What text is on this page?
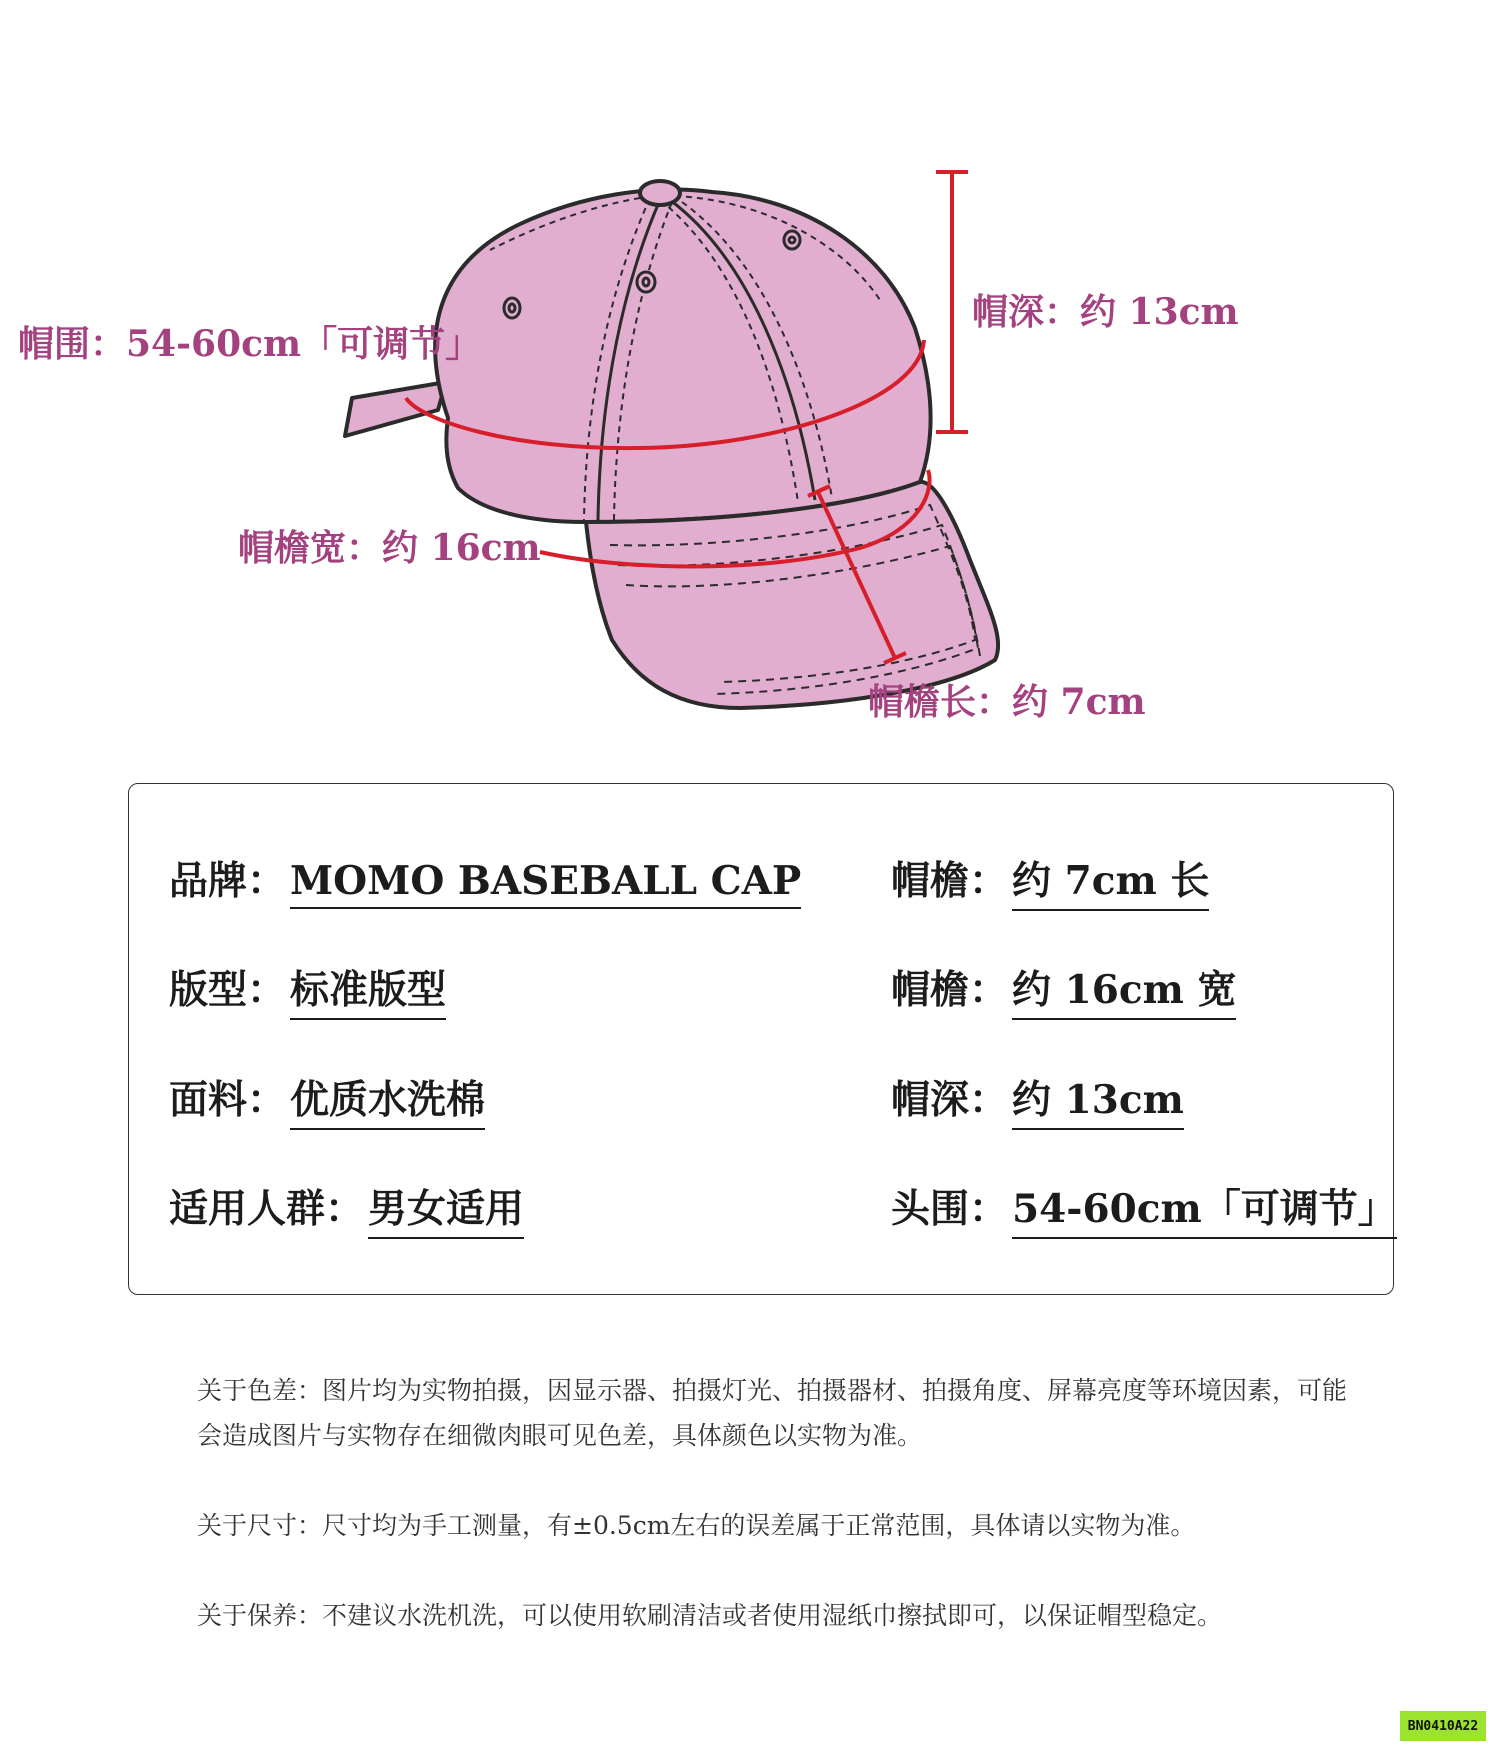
帽围：54-60cm「可调节」
帽深：约 13cm
帽檐宽：约 16cm
帽檐长：约 7cm
品牌： MOMO BASEBALL CAP
版型： 标准版型
面料： 优质水洗棉
适用人群： 男女适用
帽檐： 约 7cm 长
帽檐： 约 16cm 宽
帽深： 约 13cm
头围： 54-60cm「可调节」

关于色差：图片均为实物拍摄，因显示器、拍摄灯光、拍摄器材、拍摄角度、屏幕亮度等环境因素，可能会造成图片与实物存在细微肉眼可见色差，具体颜色以实物为准。

关于尺寸：尺寸均为手工测量，有±0.5cm左右的误差属于正常范围，具体请以实物为准。

关于保养：不建议水洗机洗，可以使用软刷清洁或者使用湿纸巾擦拭即可，以保证帽型稳定。

BN0410A22
